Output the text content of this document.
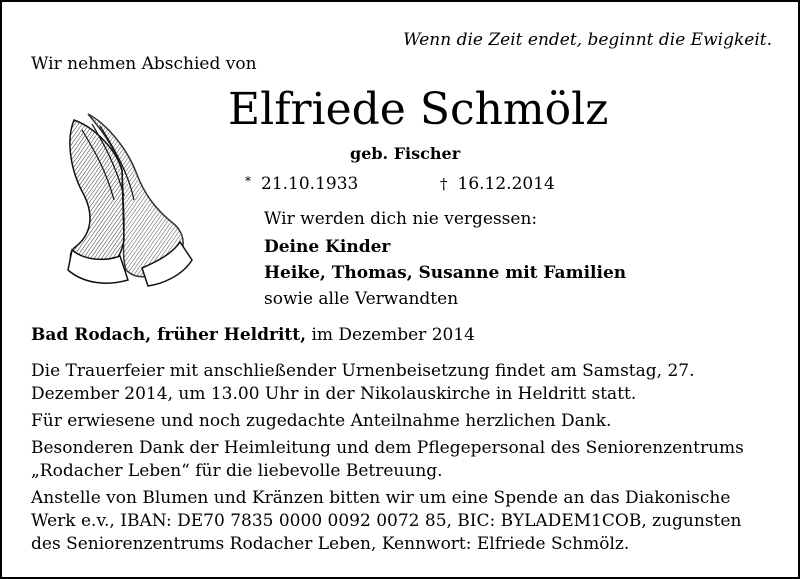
Wenn die Zeit endet, beginnt die Ewigkeit.
Wir nehmen Abschied von
Elfriede Schmölz
geb. Fischer
* 21.10.1933	† 16.12.2014
Wir werden dich nie vergessen:
Deine Kinder
Heike, Thomas, Susanne mit Familien
sowie alle Verwandten
Bad Rodach, früher Heldritt, im Dezember 2014

Die Trauerfeier mit anschließender Urnenbeisetzung findet am Samstag, 27. Dezember 2014, um 13.00 Uhr in der Nikolauskirche in Heldritt statt.

Für erwiesene und noch zugedachte Anteilnahme herzlichen Dank.

Besonderen Dank der Heimleitung und dem Pflegepersonal des Seniorenzentrums „Rodacher Leben“ für die liebevolle Betreuung.

Anstelle von Blumen und Kränzen bitten wir um eine Spende an das Diakonische Werk e.v., IBAN: DE70 7835 0000 0092 0072 85, BIC: BYLADEM1COB, zugunsten des Seniorenzentrums Rodacher Leben, Kennwort: Elfriede Schmölz.
